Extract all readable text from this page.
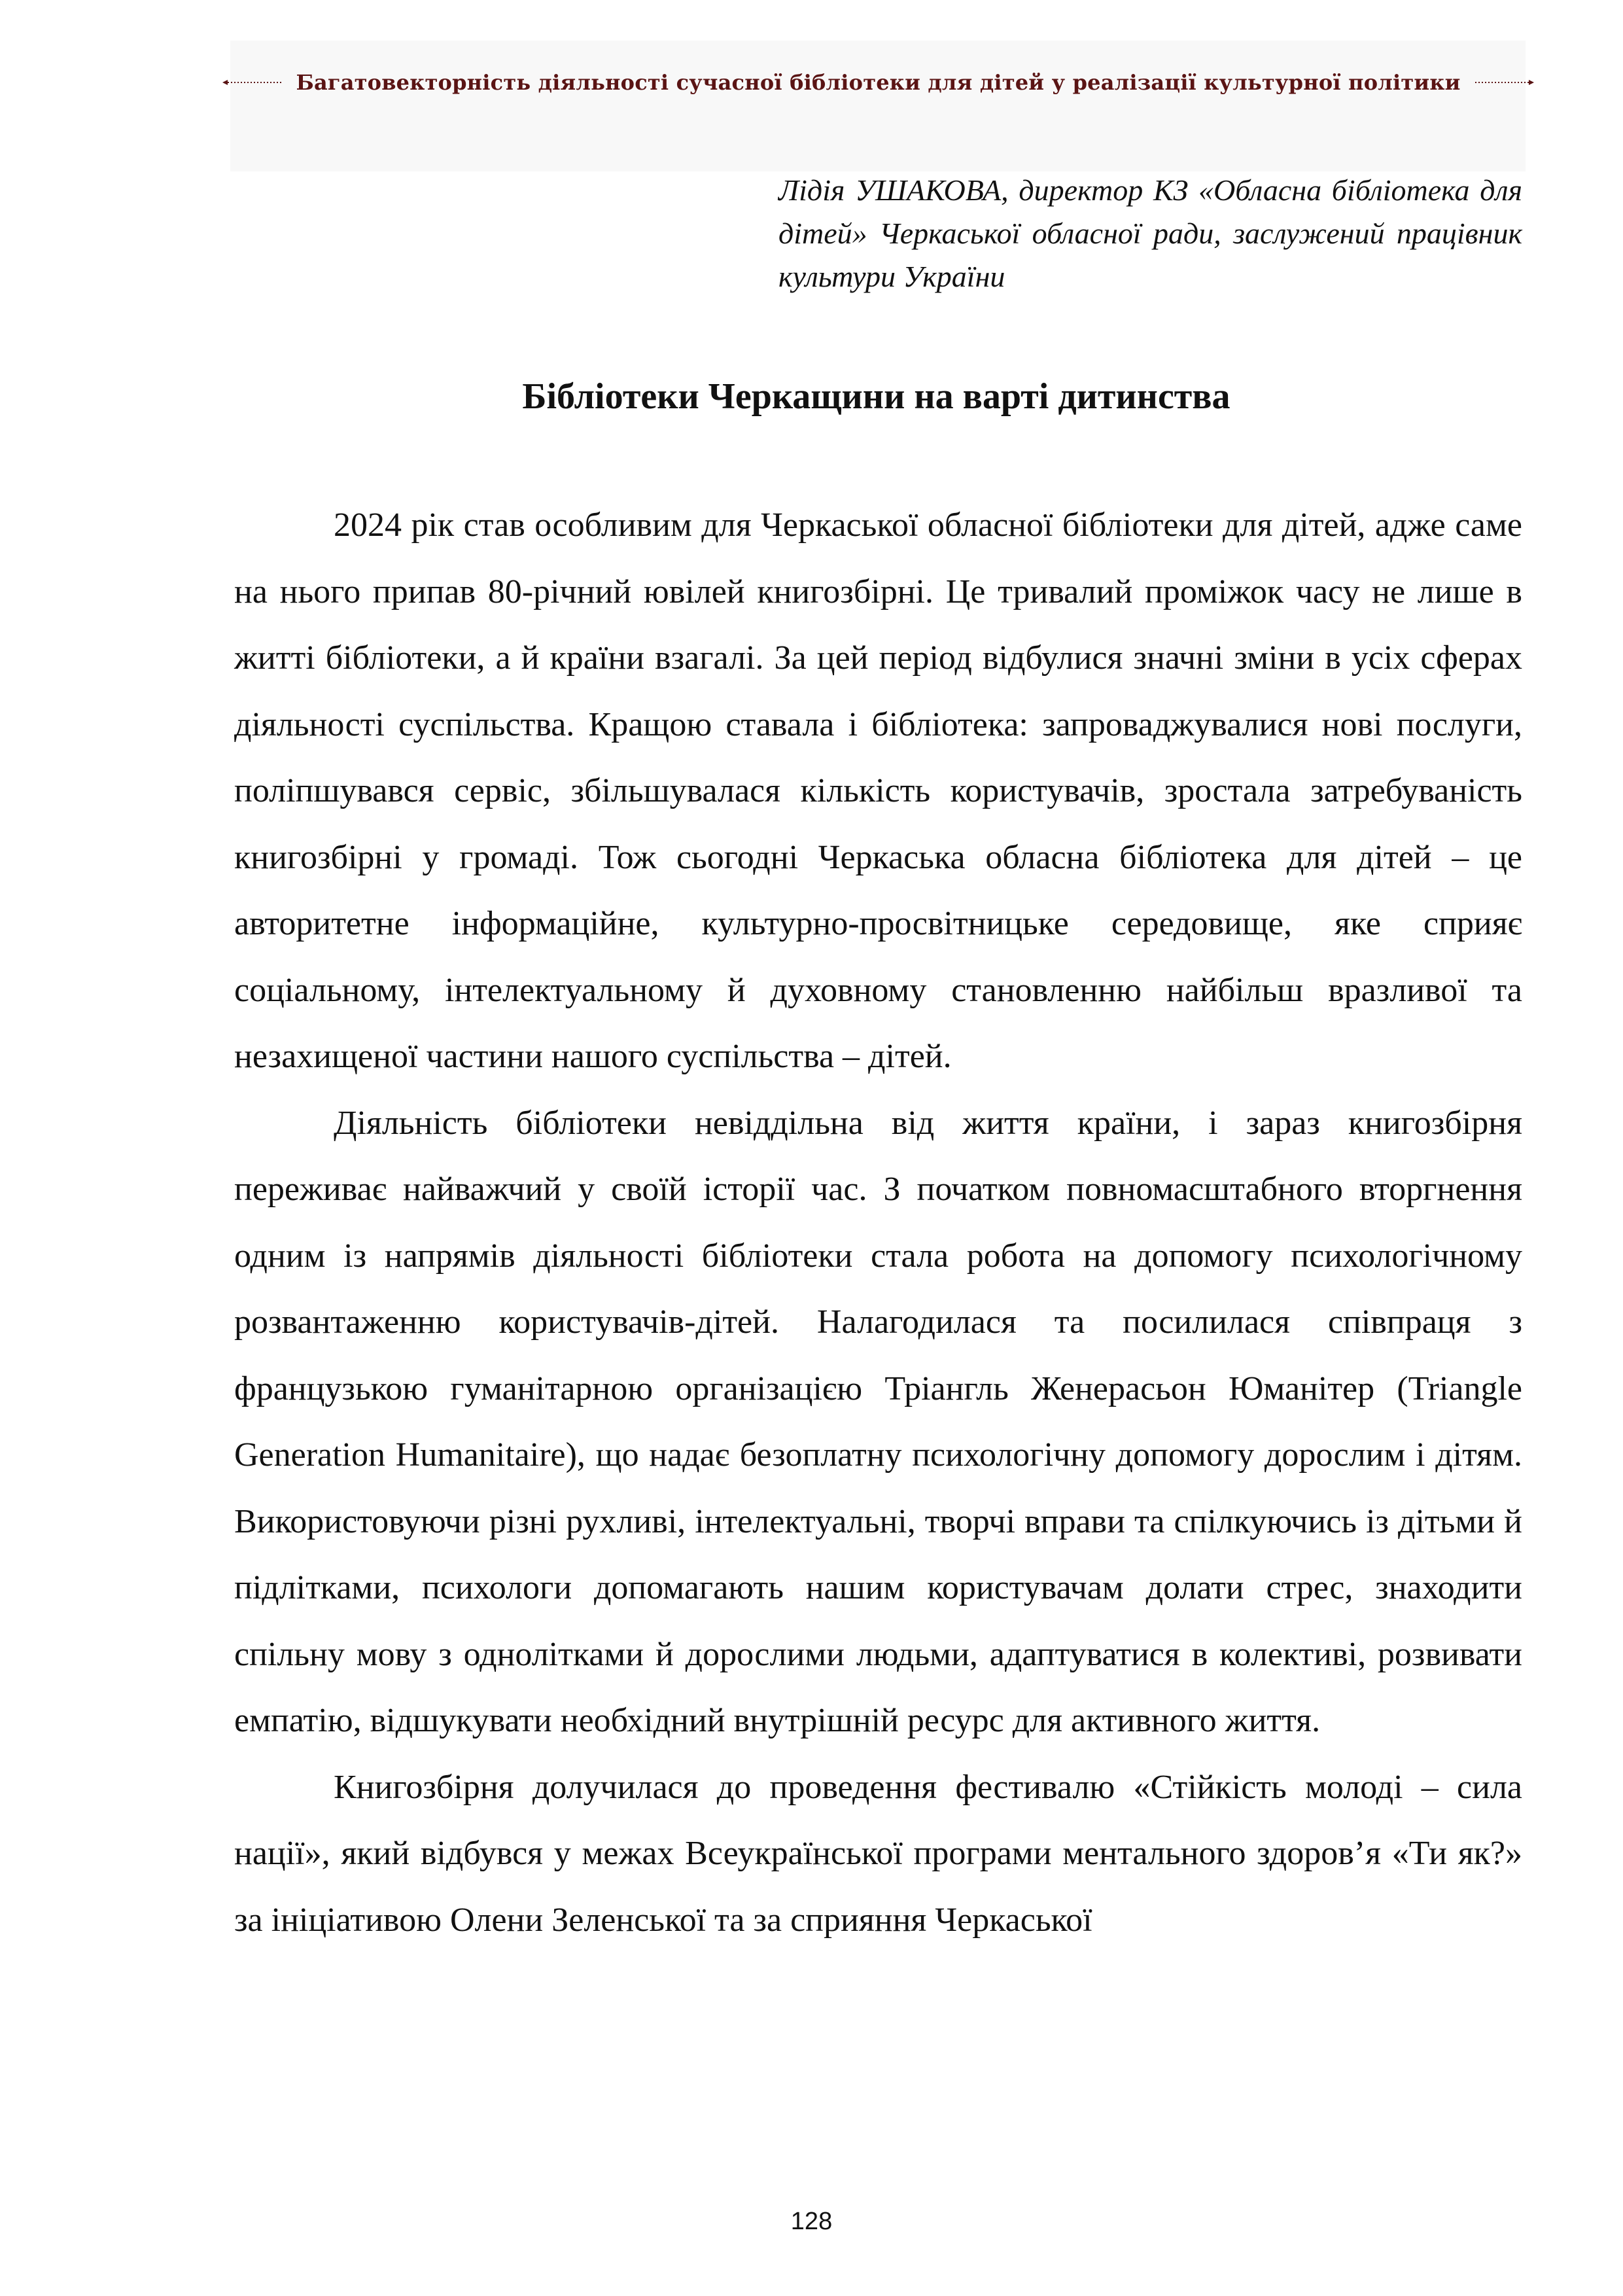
Багатовекторність діяльності сучасної бібліотеки для дітей у реалізації культурної політики
Лідія УШАКОВА, директор КЗ «Обласна бібліотека для дітей» Черкаської обласної ради, заслужений працівник культури України
Бібліотеки Черкащини на варті дитинства

2024 рік став особливим для Черкаської обласної бібліотеки для дітей, адже саме на нього припав 80-річний ювілей книгозбірні. Це тривалий проміжок часу не лише в житті бібліотеки, а й країни взагалі. За цей період відбулися значні зміни в усіх сферах діяльності суспільства. Кращою ставала і бібліотека: запроваджувалися нові послуги, поліпшувався сервіс, збільшувалася кількість користувачів, зростала затребуваність книгозбірні у громаді. Тож сьогодні Черкаська обласна бібліотека для дітей – це авторитетне інформаційне, культурно-просвітницьке середовище, яке сприяє соціальному, інтелектуальному й духовному становленню найбільш вразливої та незахищеної частини нашого суспільства – дітей.

Діяльність бібліотеки невіддільна від життя країни, і зараз книгозбірня переживає найважчий у своїй історії час. З початком повномасштабного вторгнення одним із напрямів діяльності бібліотеки стала робота на допомогу психологічному розвантаженню користувачів-дітей. Налагодилася та посилилася співпраця з французькою гуманітарною організацією Тріангль Женерасьон Юманітер (Triangle Generation Humanitaire), що надає безоплатну психологічну допомогу дорослим і дітям. Використовуючи різні рухливі, інтелектуальні, творчі вправи та спілкуючись із дітьми й підлітками, психологи допомагають нашим користувачам долати стрес, знаходити спільну мову з однолітками й дорослими людьми, адаптуватися в колективі, розвивати емпатію, відшукувати необхідний внутрішній ресурс для активного життя.

Книгозбірня долучилася до проведення фестивалю «Стійкість молоді – сила нації», який відбувся у межах Всеукраїнської програми ментального здоров’я «Ти як?» за ініціативою Олени Зеленської та за сприяння Черкаської

128
